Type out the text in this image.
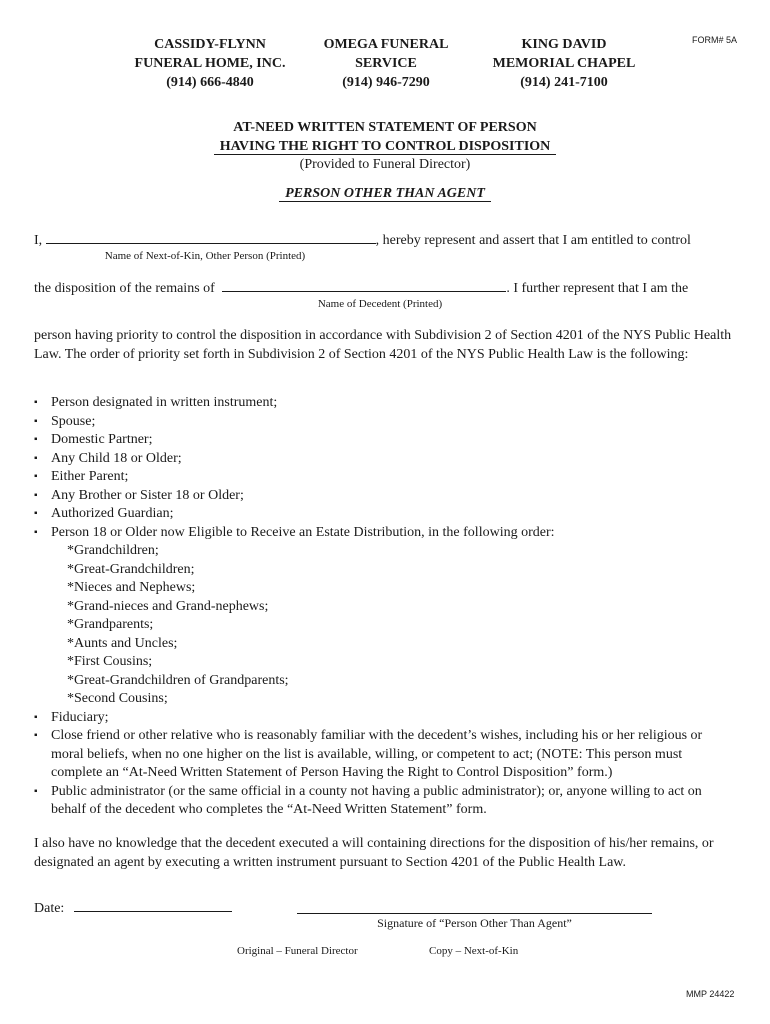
CASSIDY-FLYNN
FUNERAL HOME, INC.
(914) 666-4840
OMEGA FUNERAL
SERVICE
(914) 946-7290
KING DAVID
MEMORIAL CHAPEL
(914) 241-7100
FORM# 5A
AT-NEED WRITTEN STATEMENT OF PERSON
HAVING THE RIGHT TO CONTROL DISPOSITION
(Provided to Funeral Director)
PERSON OTHER THAN AGENT
I,	, hereby represent and assert that I am entitled to control
Name of Next-of-Kin, Other Person (Printed)
the disposition of the remains of	. I further represent that I am the
Name of Decedent (Printed)
person having priority to control the disposition in accordance with Subdivision 2 of Section 4201 of the NYS Public Health Law. The order of priority set forth in Subdivision 2 of Section 4201 of the NYS Public Health Law is the following:
▪ Person designated in written instrument;
▪ Spouse;
▪ Domestic Partner;
▪ Any Child 18 or Older;
▪ Either Parent;
▪ Any Brother or Sister 18 or Older;
▪ Authorized Guardian;
▪ Person 18 or Older now Eligible to Receive an Estate Distribution, in the following order:
*Grandchildren;
*Great-Grandchildren;
*Nieces and Nephews;
*Grand-nieces and Grand-nephews;
*Grandparents;
*Aunts and Uncles;
*First Cousins;
*Great-Grandchildren of Grandparents;
*Second Cousins;
▪ Fiduciary;
▪ Close friend or other relative who is reasonably familiar with the decedent’s wishes, including his or her religious or moral beliefs, when no one higher on the list is available, willing, or competent to act; (NOTE: This person must complete an “At-Need Written Statement of Person Having the Right to Control Disposition” form.)
▪ Public administrator (or the same official in a county not having a public administrator); or, anyone willing to act on behalf of the decedent who completes the “At-Need Written Statement” form.
I also have no knowledge that the decedent executed a will containing directions for the disposition of his/her remains, or designated an agent by executing a written instrument pursuant to Section 4201 of the Public Health Law.
Date:
Signature of “Person Other Than Agent”
Original – Funeral Director	Copy – Next-of-Kin
MMP 24422
